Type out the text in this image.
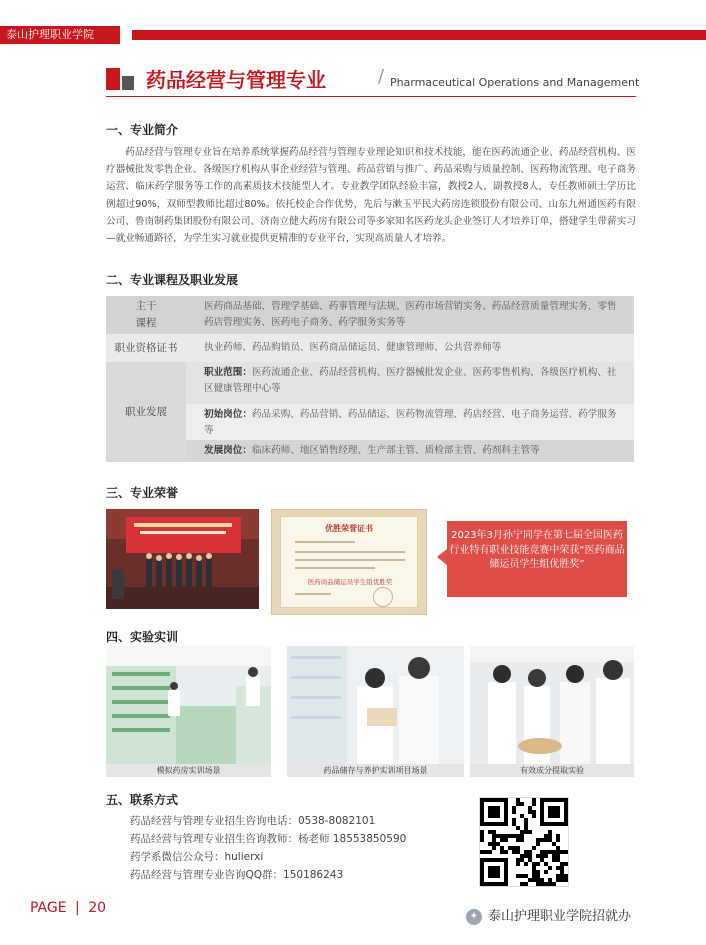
泰山护理职业学院
药品经营与管理专业	/ Pharmaceutical Operations and Management
一、专业简介
药品经营与管理专业旨在培养系统掌握药品经营与管理专业理论知识和技术技能，能在医药流通企业、药品经营机构、医疗器械批发零售企业、各级医疗机构从事企业经营与管理、药品营销与推广、药品采购与质量控制、医药物流管理、电子商务运营、临床药学服务等工作的高素质技术技能型人才。专业教学团队经验丰富，教授2人，副教授8人，专任教师硕士学历比例超过90%，双师型教师比超过80%。依托校企合作优势，先后与漱玉平民大药房连锁股份有限公司、山东九州通医药有限公司、鲁南制药集团股份有限公司、济南立健大药房有限公司等多家知名医药龙头企业签订人才培养订单，搭建学生带薪实习—就业畅通路径，为学生实习就业提供更精准的专业平台，实现高质量人才培养。
二、专业课程及职业发展
主干
课程	医药商品基础、管理学基础、药事管理与法规、医药市场营销实务、药品经营质量管理实务、零售药店管理实务、医药电子商务、药学服务实务等
职业资格证书	执业药师、药品购销员、医药商品储运员、健康管理师、公共营养师等
职业发展	职业范围：医药流通企业、药品经营机构、医疗器械批发企业、医药零售机构、各级医疗机构、社区健康管理中心等
初始岗位：药品采购、药品营销、药品储运、医药物流管理、药店经营、电子商务运营、药学服务等
发展岗位：临床药师、地区销售经理、生产部主管、质检部主管、药剂科主管等
三、专业荣誉
优胜荣誉证书
医药商品储运员学生组优胜奖
2023年3月孙宁同学在第七届全国医药行业特有职业技能竞赛中荣获“医药商品储运员学生组优胜奖”
四、实验实训
模拟药房实训场景	药品储存与养护实训项目场景	有效成分提取实验
五、联系方式
药品经营与管理专业招生咨询电话：0538-8082101
药品经营与管理专业招生咨询教师：杨老师 18553850590
药学系微信公众号：hulierxi
药品经营与管理专业咨询QQ群：150186243
PAGE | 20	✦ 泰山护理职业学院招就办
